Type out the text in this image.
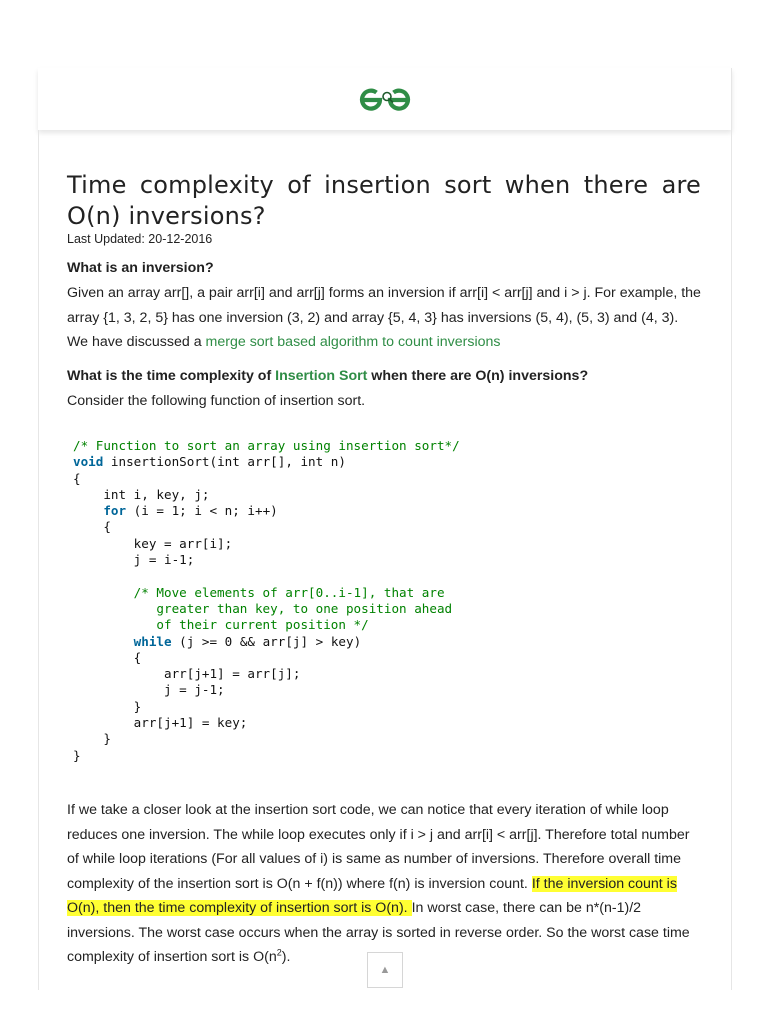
Time complexity of insertion sort when there are O(n) inversions?
Last Updated: 20-12-2016
What is an inversion?

Given an array arr[], a pair arr[i] and arr[j] forms an inversion if arr[i] < arr[j] and i > j. For example, the array {1, 3, 2, 5} has one inversion (3, 2) and array {5, 4, 3} has inversions (5, 4), (5, 3) and (4, 3). We have discussed a merge sort based algorithm to count inversions

What is the time complexity of Insertion Sort when there are O(n) inversions?
Consider the following function of insertion sort.
/* Function to sort an array using insertion sort*/
void insertionSort(int arr[], int n)
{
int i, key, j;
for (i = 1; i < n; i++)
{
key = arr[i];
j = i-1;

/* Move elements of arr[0..i-1], that are
greater than key, to one position ahead
of their current position */
while (j >= 0 && arr[j] > key)
{
arr[j+1] = arr[j];
j = j-1;
}
arr[j+1] = key;
}
}

If we take a closer look at the insertion sort code, we can notice that every iteration of while loop reduces one inversion. The while loop executes only if i > j and arr[i] < arr[j]. Therefore total number of while loop iterations (For all values of i) is same as number of inversions. Therefore overall time complexity of the insertion sort is O(n + f(n)) where f(n) is inversion count. If the inversion count is O(n), then the time complexity of insertion sort is O(n). In worst case, there can be n*(n-1)/2 inversions. The worst case occurs when the array is sorted in reverse order. So the worst case time complexity of insertion sort is $O(n^2)$.

▲
